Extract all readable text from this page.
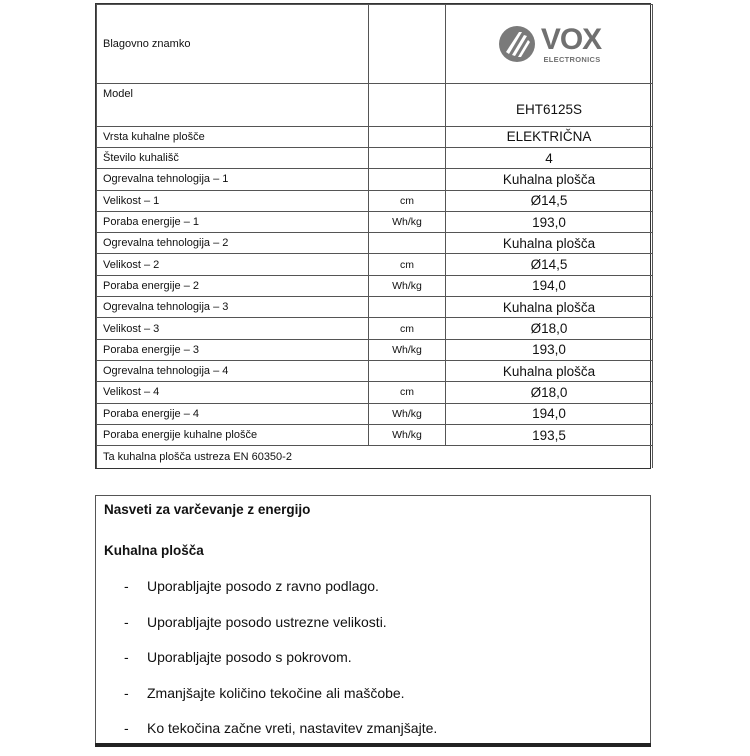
Blagovno znamko		VOX
ELECTRONICS

Model		EHT6125S
Vrsta kuhalne plošče		ELEKTRIČNA
Število kuhališč		4
Ogrevalna tehnologija – 1		Kuhalna plošča
Velikost – 1	cm	Ø14,5
Poraba energije – 1	Wh/kg	193,0
Ogrevalna tehnologija – 2		Kuhalna plošča
Velikost – 2	cm	Ø14,5
Poraba energije – 2	Wh/kg	194,0
Ogrevalna tehnologija – 3		Kuhalna plošča
Velikost – 3	cm	Ø18,0
Poraba energije – 3	Wh/kg	193,0
Ogrevalna tehnologija – 4		Kuhalna plošča
Velikost – 4	cm	Ø18,0
Poraba energije – 4	Wh/kg	194,0
Poraba energije kuhalne plošče	Wh/kg	193,5
Ta kuhalna plošča ustreza EN 60350-2		
Nasveti za varčevanje z energijo
Kuhalna plošča
-	Uporabljajte posodo z ravno podlago.
-	Uporabljajte posodo ustrezne velikosti.
-	Uporabljajte posodo s pokrovom.
-	Zmanjšajte količino tekočine ali maščobe.
-	Ko tekočina začne vreti, nastavitev zmanjšajte.
